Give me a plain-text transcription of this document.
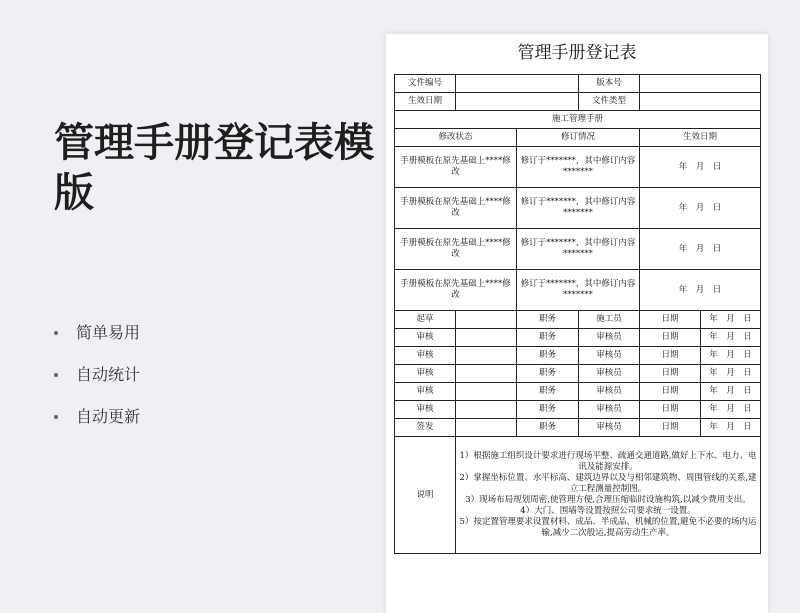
管理手册登记表模版
简单易用
自动统计
自动更新
管理手册登记表
文件编号			版本号		
生效日期			文件类型		
施工管理手册					
修改状态		修订情况		生效日期	
手册模板在原先基础上****修改		修订于*******，其中修订内容*******		年　月　日	
手册模板在原先基础上****修改		修订于*******，其中修订内容*******		年　月　日	
手册模板在原先基础上****修改		修订于*******，其中修订内容*******		年　月　日	
手册模板在原先基础上****修改		修订于*******，其中修订内容*******		年　月　日	
起草		职务	施工员	日期	年　月　日
审核		职务	审核员	日期	年　月　日
审核		职务	审核员	日期	年　月　日
审核		职务	审核员	日期	年　月　日
审核		职务	审核员	日期	年　月　日
审核		职务	审核员	日期	年　月　日
签发		职务	审核员	日期	年　月　日
说明	1）根据施工组织设计要求进行现场平整、疏通交通道路,做好上下水、电力、电讯及能源安排。
2）掌握坐标位置、水平标高、建筑边界以及与相邻建筑物、周围管线的关系,建立工程测量控制图。
3）现场布局规划周密,使管理方便,合理压缩临时设施构筑,以减少费用支出。
4）大门、围墙等设置按照公司要求统一设置。
5）按定置管理要求设置材料、成品、半成品、机械的位置,避免不必要的场内运输,减少二次般运,提高劳动生产率。				
